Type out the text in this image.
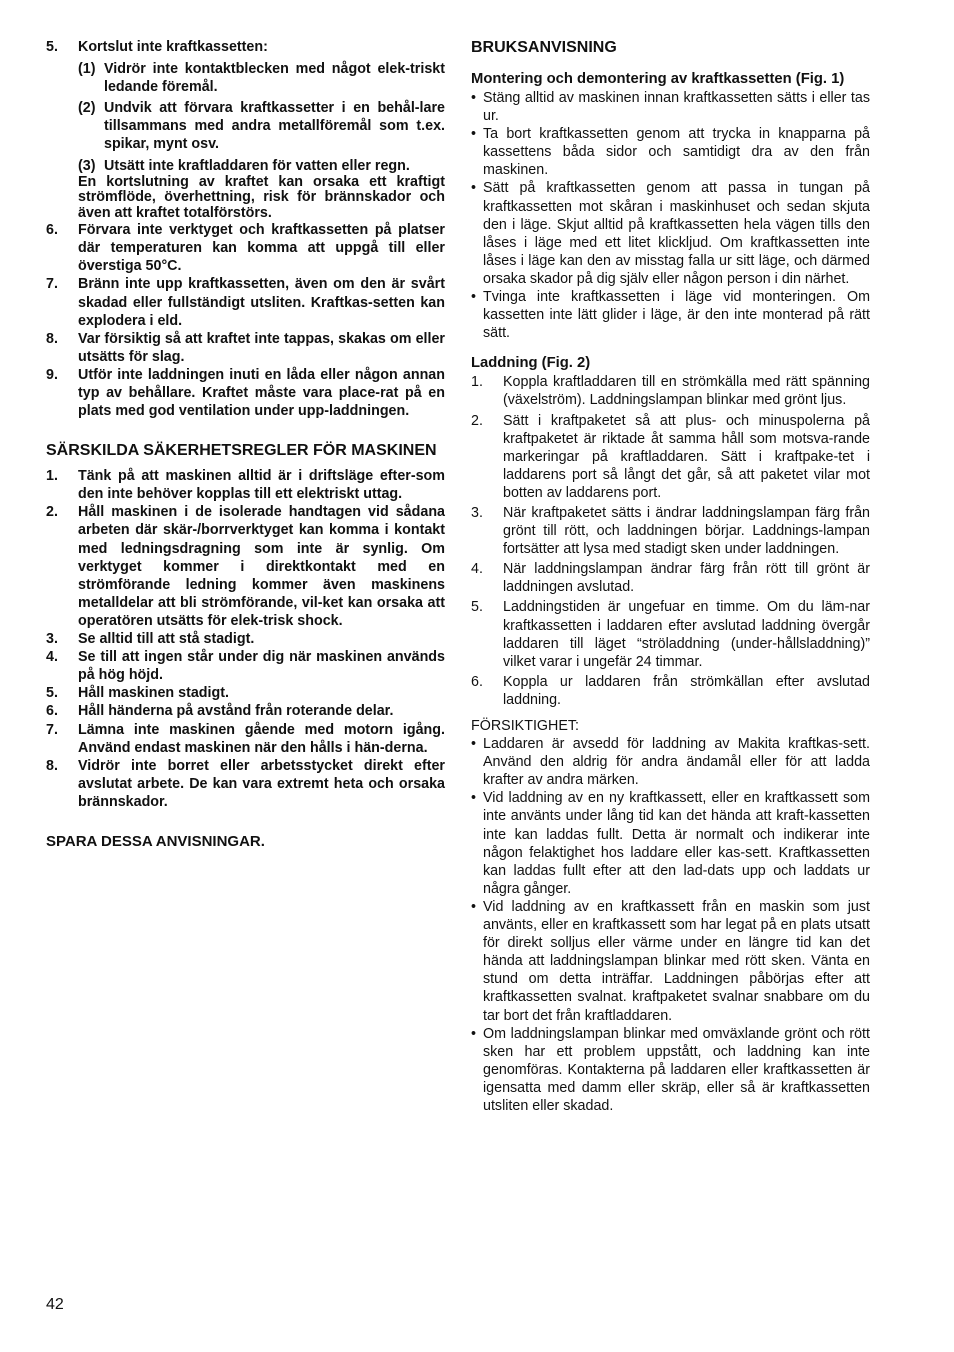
5.	Kortslut inte kraftkassetten:
(1) Vidrör inte kontaktblecken med något elek-triskt ledande föremål.
(2) Undvik att förvara kraftkassetter i en behål-lare tillsammans med andra metallföremål som t.ex. spikar, mynt osv.
(3) Utsätt inte kraftladdaren för vatten eller regn.
En kortslutning av kraftet kan orsaka ett kraftigt strömflöde, överhettning, risk för brännskador och även att kraftet totalförstörs.
6.	Förvara inte verktyget och kraftkassetten på platser där temperaturen kan komma att uppgå till eller överstiga 50°C.
7.	Bränn inte upp kraftkassetten, även om den är svårt skadad eller fullständigt utsliten. Kraftkas-setten kan explodera i eld.
8.	Var försiktig så att kraftet inte tappas, skakas om eller utsätts för slag.
9.	Utför inte laddningen inuti en låda eller någon annan typ av behållare. Kraftet måste vara place-rat på en plats med god ventilation under upp-laddningen.
SÄRSKILDA SÄKERHETSREGLER FÖR MASKINEN
1.	Tänk på att maskinen alltid är i driftsläge efter-som den inte behöver kopplas till ett elektriskt uttag.
2.	Håll maskinen i de isolerade handtagen vid sådana arbeten där skär-/borrverktyget kan komma i kontakt med ledningsdragning som inte är synlig. Om verktyget kommer i direktkontakt med en strömförande ledning kommer även maskinens metalldelar att bli strömförande, vil-ket kan orsaka att operatören utsätts för elek-trisk shock.
3.	Se alltid till att stå stadigt.
4.	Se till att ingen står under dig när maskinen används på hög höjd.
5.	Håll maskinen stadigt.
6.	Håll händerna på avstånd från roterande delar.
7.	Lämna inte maskinen gående med motorn igång. Använd endast maskinen när den hålls i hän-derna.
8.	Vidrör inte borret eller arbetsstycket direkt efter avslutat arbete. De kan vara extremt heta och orsaka brännskador.
SPARA DESSA ANVISNINGAR.
BRUKSANVISNING
Montering och demontering av kraftkassetten (Fig. 1)
• Stäng alltid av maskinen innan kraftkassetten sätts i eller tas ur.
• Ta bort kraftkassetten genom att trycka in knapparna på kassettens båda sidor och samtidigt dra av den från maskinen.
• Sätt på kraftkassetten genom att passa in tungan på kraftkassetten mot skåran i maskinhuset och sedan skjuta den i läge. Skjut alltid på kraftkassetten hela vägen tills den låses i läge med ett litet klickljud. Om kraftkassetten inte låses i läge kan den av misstag falla ur sitt läge, och därmed orsaka skador på dig själv eller någon person i din närhet.
• Tvinga inte kraftkassetten i läge vid monteringen. Om kassetten inte lätt glider i läge, är den inte monterad på rätt sätt.
Laddning (Fig. 2)
1. Koppla kraftladdaren till en strömkälla med rätt spänning (växelström). Laddningslampan blinkar med grönt ljus.
2. Sätt i kraftpaketet så att plus- och minuspolerna på kraftpaketet är riktade åt samma håll som motsva-rande markeringar på kraftladdaren. Sätt i kraftpake-tet i laddarens port så långt det går, så att paketet vilar mot botten av laddarens port.
3. När kraftpaketet sätts i ändrar laddningslampan färg från grönt till rött, och laddningen börjar. Laddnings-lampan fortsätter att lysa med stadigt sken under laddningen.
4. När laddningslampan ändrar färg från rött till grönt är laddningen avslutad.
5. Laddningstiden är ungefuar en timme. Om du läm-nar kraftkassetten i laddaren efter avslutad laddning övergår laddaren till läget “ströladdning (under-hållsladdning)” vilket varar i ungefär 24 timmar.
6. Koppla ur laddaren från strömkällan efter avslutad laddning.
FÖRSIKTIGHET:
• Laddaren är avsedd för laddning av Makita kraftkas-sett. Använd den aldrig för andra ändamål eller för att ladda krafter av andra märken.
• Vid laddning av en ny kraftkassett, eller en kraftkassett som inte använts under lång tid kan det hända att kraft-kassetten inte kan laddas fullt. Detta är normalt och indikerar inte någon felaktighet hos laddare eller kas-sett. Kraftkassetten kan laddas fullt efter att den lad-dats upp och laddats ur några gånger.
• Vid laddning av en kraftkassett från en maskin som just använts, eller en kraftkassett som har legat på en plats utsatt för direkt solljus eller värme under en längre tid kan det hända att laddningslampan blinkar med rött sken. Vänta en stund om detta inträffar. Laddningen påbörjas efter att kraftkassetten svalnat. kraftpaketet svalnar snabbare om du tar bort det från kraftladdaren.
• Om laddningslampan blinkar med omväxlande grönt och rött sken har ett problem uppstått, och laddning kan inte genomföras. Kontakterna på laddaren eller kraftkassetten är igensatta med damm eller skräp, eller så är kraftkassetten utsliten eller skadad.
42
